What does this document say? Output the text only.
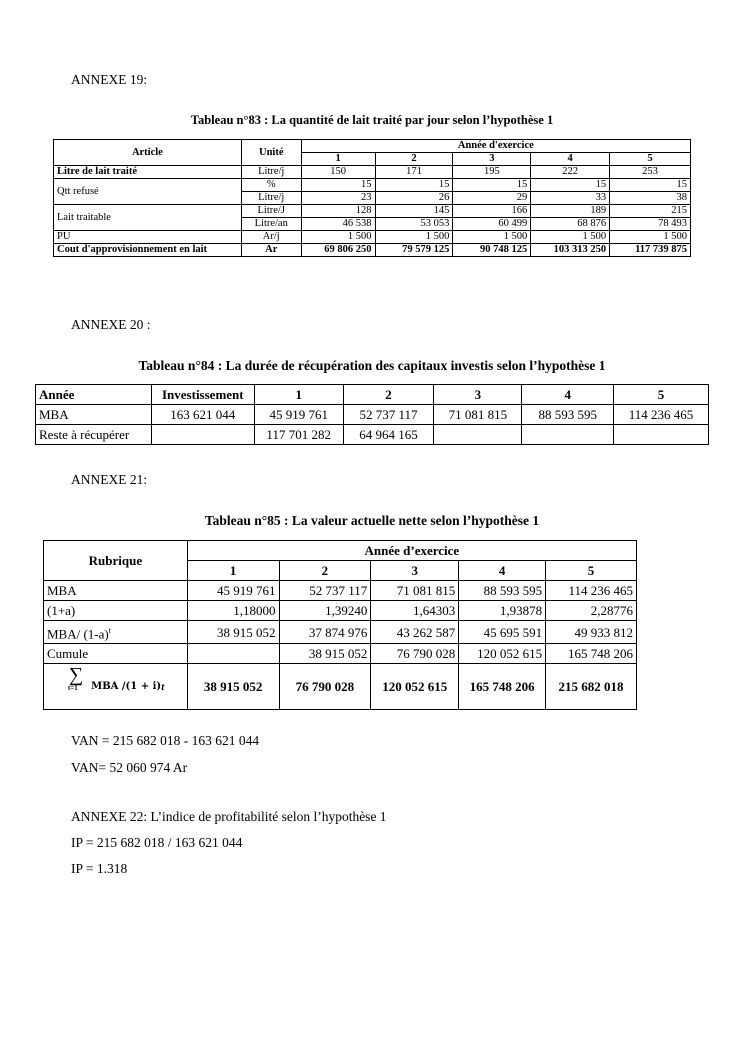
ANNEXE 19:
Tableau n°83 : La quantité de lait traité par jour selon l’hypothèse 1
Article	Unité	Année d'exercice				
		1	2	3	4	5
Litre de lait traité	Litre/j	150	171	195	222	253
Qtt refusé	%	15	15	15	15	15
	Litre/j	23	26	29	33	38
Lait traitable	Litre/J	128	145	166	189	215
	Litre/an	46 538	53 053	60 499	68 876	78 493
PU	Ar/j	1 500	1 500	1 500	1 500	1 500
Cout d'approvisionnement en lait	Ar	69 806 250	79 579 125	90 748 125	103 313 250	117 739 875
ANNEXE 20 :
Tableau n°84 : La durée de récupération des capitaux investis selon l’hypothèse 1
Année	Investissement	1	2	3	4	5
MBA	163 621 044	45 919 761	52 737 117	71 081 815	88 593 595	114 236 465
Reste à récupérer		117 701 282	64 964 165			
ANNEXE 21:
Tableau n°85 : La valeur actuelle nette selon l’hypothèse 1
Rubrique	Année d’exercice				
	1	2	3	4	5
MBA	45 919 761	52 737 117	71 081 815	88 593 595	114 236 465
(1+a)	1,18000	1,39240	1,64303	1,93878	2,28776
MBA/ $(1-a)^t$	38 915 052	37 874 976	43 262 587	45 695 591	49 933 812
Cumule		38 915 052	76 790 028	120 052 615	165 748 206

∑
t=1 MBA /(1 + i)t	38 915 052	76 790 028	120 052 615	165 748 206	215 682 018
VAN = 215 682 018 - 163 621 044
VAN= 52 060 974 Ar
ANNEXE 22: L’indice de profitabilité selon l’hypothèse 1
IP = 215 682 018 / 163 621 044
IP = 1.318
